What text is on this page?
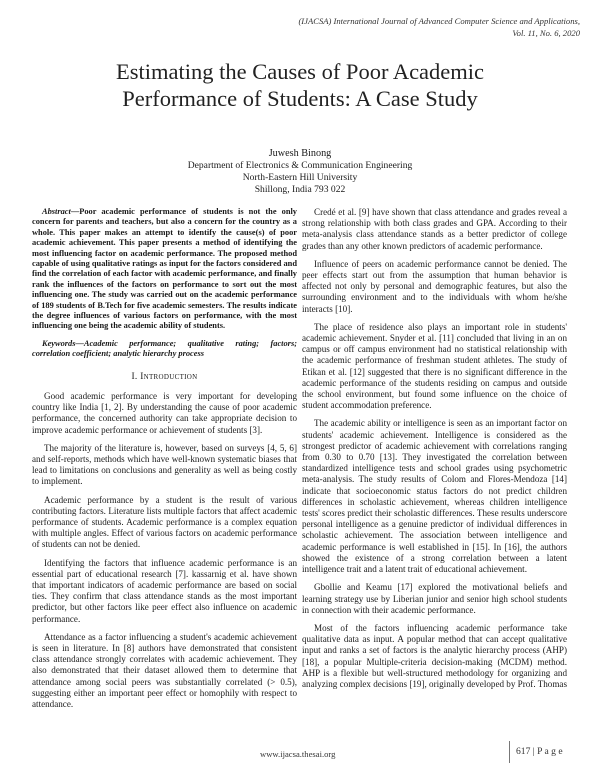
(IJACSA) International Journal of Advanced Computer Science and Applications,
Vol. 11, No. 6, 2020
Estimating the Causes of Poor Academic
Performance of Students: A Case Study
Juwesh Binong
Department of Electronics & Communication Engineering
North-Eastern Hill University
Shillong, India 793 022

Abstract—Poor academic performance of students is not the only concern for parents and teachers, but also a concern for the country as a whole. This paper makes an attempt to identify the cause(s) of poor academic achievement. This paper presents a method of identifying the most influencing factor on academic performance. The proposed method capable of using qualitative ratings as input for the factors considered and find the correlation of each factor with academic performance, and finally rank the influences of the factors on performance to sort out the most influencing one. The study was carried out on the academic performance of 189 students of B.Tech for five academic semesters. The results indicate the degree influences of various factors on performance, with the most influencing one being the academic ability of students.

Keywords—Academic performance; qualitative rating; factors; correlation coefficient; analytic hierarchy process

I. Introduction

Good academic performance is very important for developing country like India [1, 2]. By understanding the cause of poor academic performance, the concerned authority can take appropriate decision to improve academic performance or achievement of students [3].

The majority of the literature is, however, based on surveys [4, 5, 6] and self-reports, methods which have well-known systematic biases that lead to limitations on conclusions and generality as well as being costly to implement.

Academic performance by a student is the result of various contributing factors. Literature lists multiple factors that affect academic performance of students. Academic performance is a complex equation with multiple angles. Effect of various factors on academic performance of students can not be denied.

Identifying the factors that influence academic performance is an essential part of educational research [7]. kassarnig et al. have shown that important indicators of academic performance are based on social ties. They confirm that class attendance stands as the most important predictor, but other factors like peer effect also influence on academic performance.

Attendance as a factor influencing a student's academic achievement is seen in literature. In [8] authors have demonstrated that consistent class attendance strongly correlates with academic achievement. They also demonstrated that their dataset allowed them to determine that attendance among social peers was substantially correlated (> 0.5), suggesting either an important peer effect or homophily with respect to attendance.

Credé et al. [9] have shown that class attendance and grades reveal a strong relationship with both class grades and GPA. According to their meta-analysis class attendance stands as a better predictor of college grades than any other known predictors of academic performance.

Influence of peers on academic performance cannot be denied. The peer effects start out from the assumption that human behavior is affected not only by personal and demographic features, but also the surrounding environment and to the individuals with whom he/she interacts [10].

The place of residence also plays an important role in students' academic achievement. Snyder et al. [11] concluded that living in an on campus or off campus environment had no statistical relationship with the academic performance of freshman student athletes. The study of Etikan et al. [12] suggested that there is no significant difference in the academic performance of the students residing on campus and outside the school environment, but found some influence on the choice of student accommodation preference.

The academic ability or intelligence is seen as an important factor on students' academic achievement. Intelligence is considered as the strongest predictor of academic achievement with correlations ranging from 0.30 to 0.70 [13]. They investigated the correlation between standardized intelligence tests and school grades using psychometric meta-analysis. The study results of Colom and Flores-Mendoza [14] indicate that socioeconomic status factors do not predict children differences in scholastic achievement, whereas children intelligence tests' scores predict their scholastic differences. These results underscore personal intelligence as a genuine predictor of individual differences in scholastic achievement. The association between intelligence and academic performance is well established in [15]. In [16], the authors showed the existence of a strong correlation between a latent intelligence trait and a latent trait of educational achievement.

Gbollie and Keamu [17] explored the motivational beliefs and learning strategy use by Liberian junior and senior high school students in connection with their academic performance.

Most of the factors influencing academic performance take qualitative data as input. A popular method that can accept qualitative input and ranks a set of factors is the analytic hierarchy process (AHP) [18], a popular Multiple-criteria decision-making (MCDM) method. AHP is a flexible but well-structured methodology for organizing and analyzing complex decisions [19], originally developed by Prof. Thomas

www.ijacsa.thesai.org	617 | P a g e
